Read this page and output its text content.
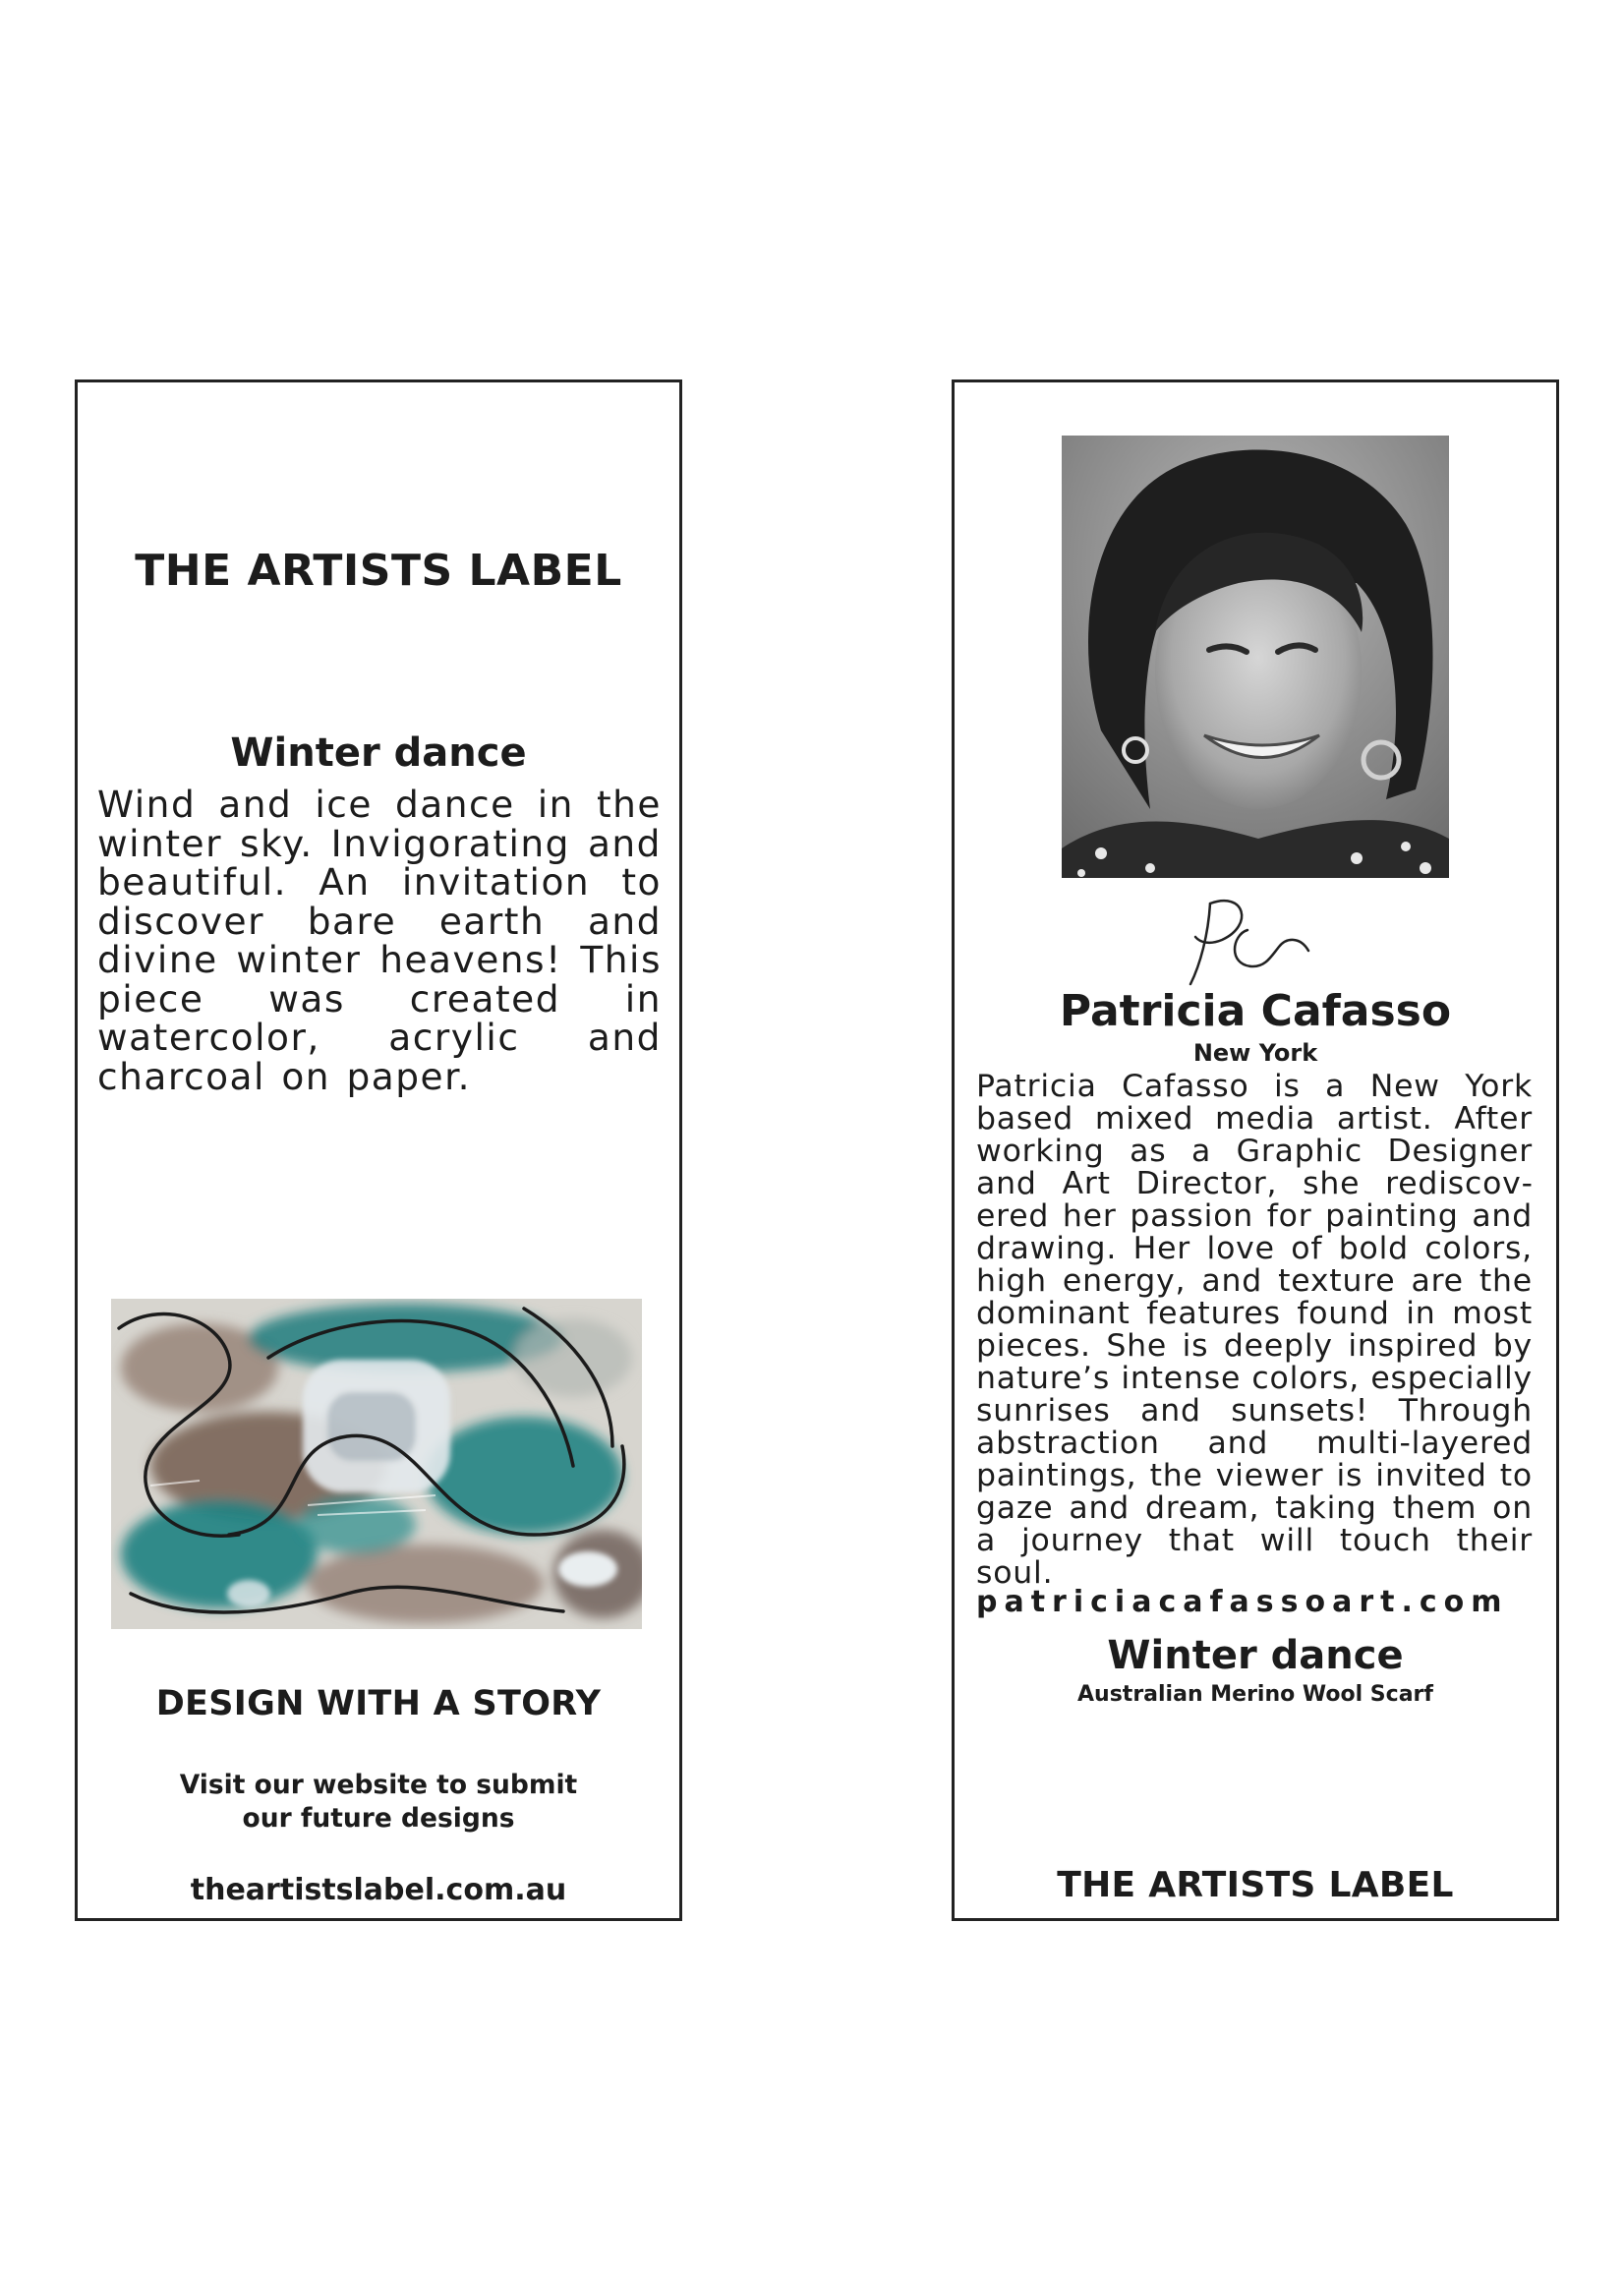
THE ARTISTS LABEL
Winter dance
Wind and ice dance in the winter sky. Invigorating and beautiful. An invitation to discover bare earth and divine winter heavens! This piece was created in watercolor, acrylic and charcoal on paper.
DESIGN WITH A STORY
Visit our website to submit
our future designs
theartistslabel.com.au
Patricia Cafasso
New York
Patricia Cafasso is a New York based mixed media artist. After working as a Graphic Designer and Art Director, she rediscovered her passion for painting and drawing. Her love of bold colors, high energy, and texture are the dominant features found in most pieces. She is deeply inspired by nature’s intense colors, especially sunrises and sunsets! Through abstraction and multi-layered paintings, the viewer is invited to gaze and dream, taking them on a journey that will touch their soul.
patriciacafassoart.com
Winter dance
Australian Merino Wool Scarf
THE ARTISTS LABEL
